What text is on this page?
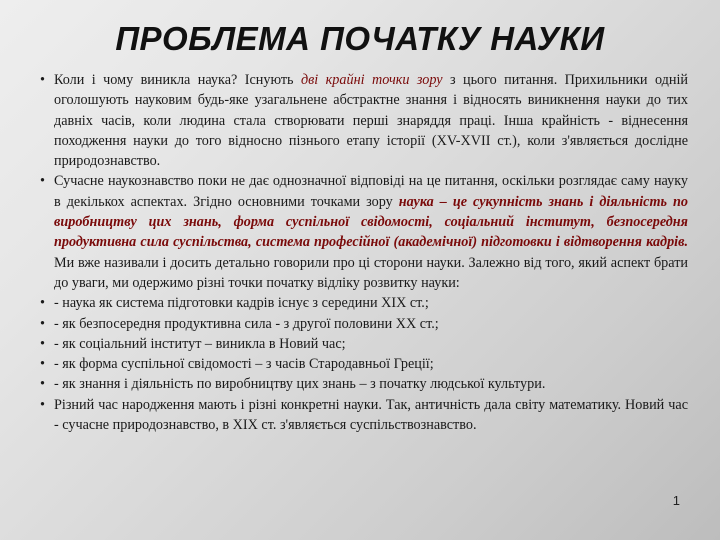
ПРОБЛЕМА ПОЧАТКУ НАУКИ

• Коли і чому виникла наука? Існують дві крайні точки зору з цього питання. Прихильники одній оголошують науковим будь-яке узагальнене абстрактне знання і відносять виникнення науки до тих давніх часів, коли людина стала створювати перші знаряддя праці. Інша крайність - віднесення походження науки до того відносно пізнього етапу історії (XV-XVII ст.), коли з'являється дослідне природознавство.

• Сучасне наукознавство поки не дає однозначної відповіді на це питання, оскільки розглядає саму науку в декількох аспектах. Згідно основними точками зору наука – це сукупність знань і діяльність по виробництву цих знань, форма суспільної свідомості, соціальний інститут, безпосередня продуктивна сила суспільства, система професійної (академічної) підготовки і відтворення кадрів. Ми вже називали і досить детально говорили про ці сторони науки. Залежно від того, який аспект брати до уваги, ми одержимо різні точки початку відліку розвитку науки:

• - наука як система підготовки кадрів існує з середини XIX ст.;

• - як безпосередня продуктивна сила - з другої половини XX ст.;

• - як соціальний інститут – виникла в Новий час;

• - як форма суспільної свідомості – з часів Стародавньої Греції;

• - як знання і діяльність по виробництву цих знань – з початку людської культури.

• Різний час народження мають і різні конкретні науки. Так, античність дала світу математику. Новий час - сучасне природознавство, в XIX ст. з'являється суспільствознавство.

1
